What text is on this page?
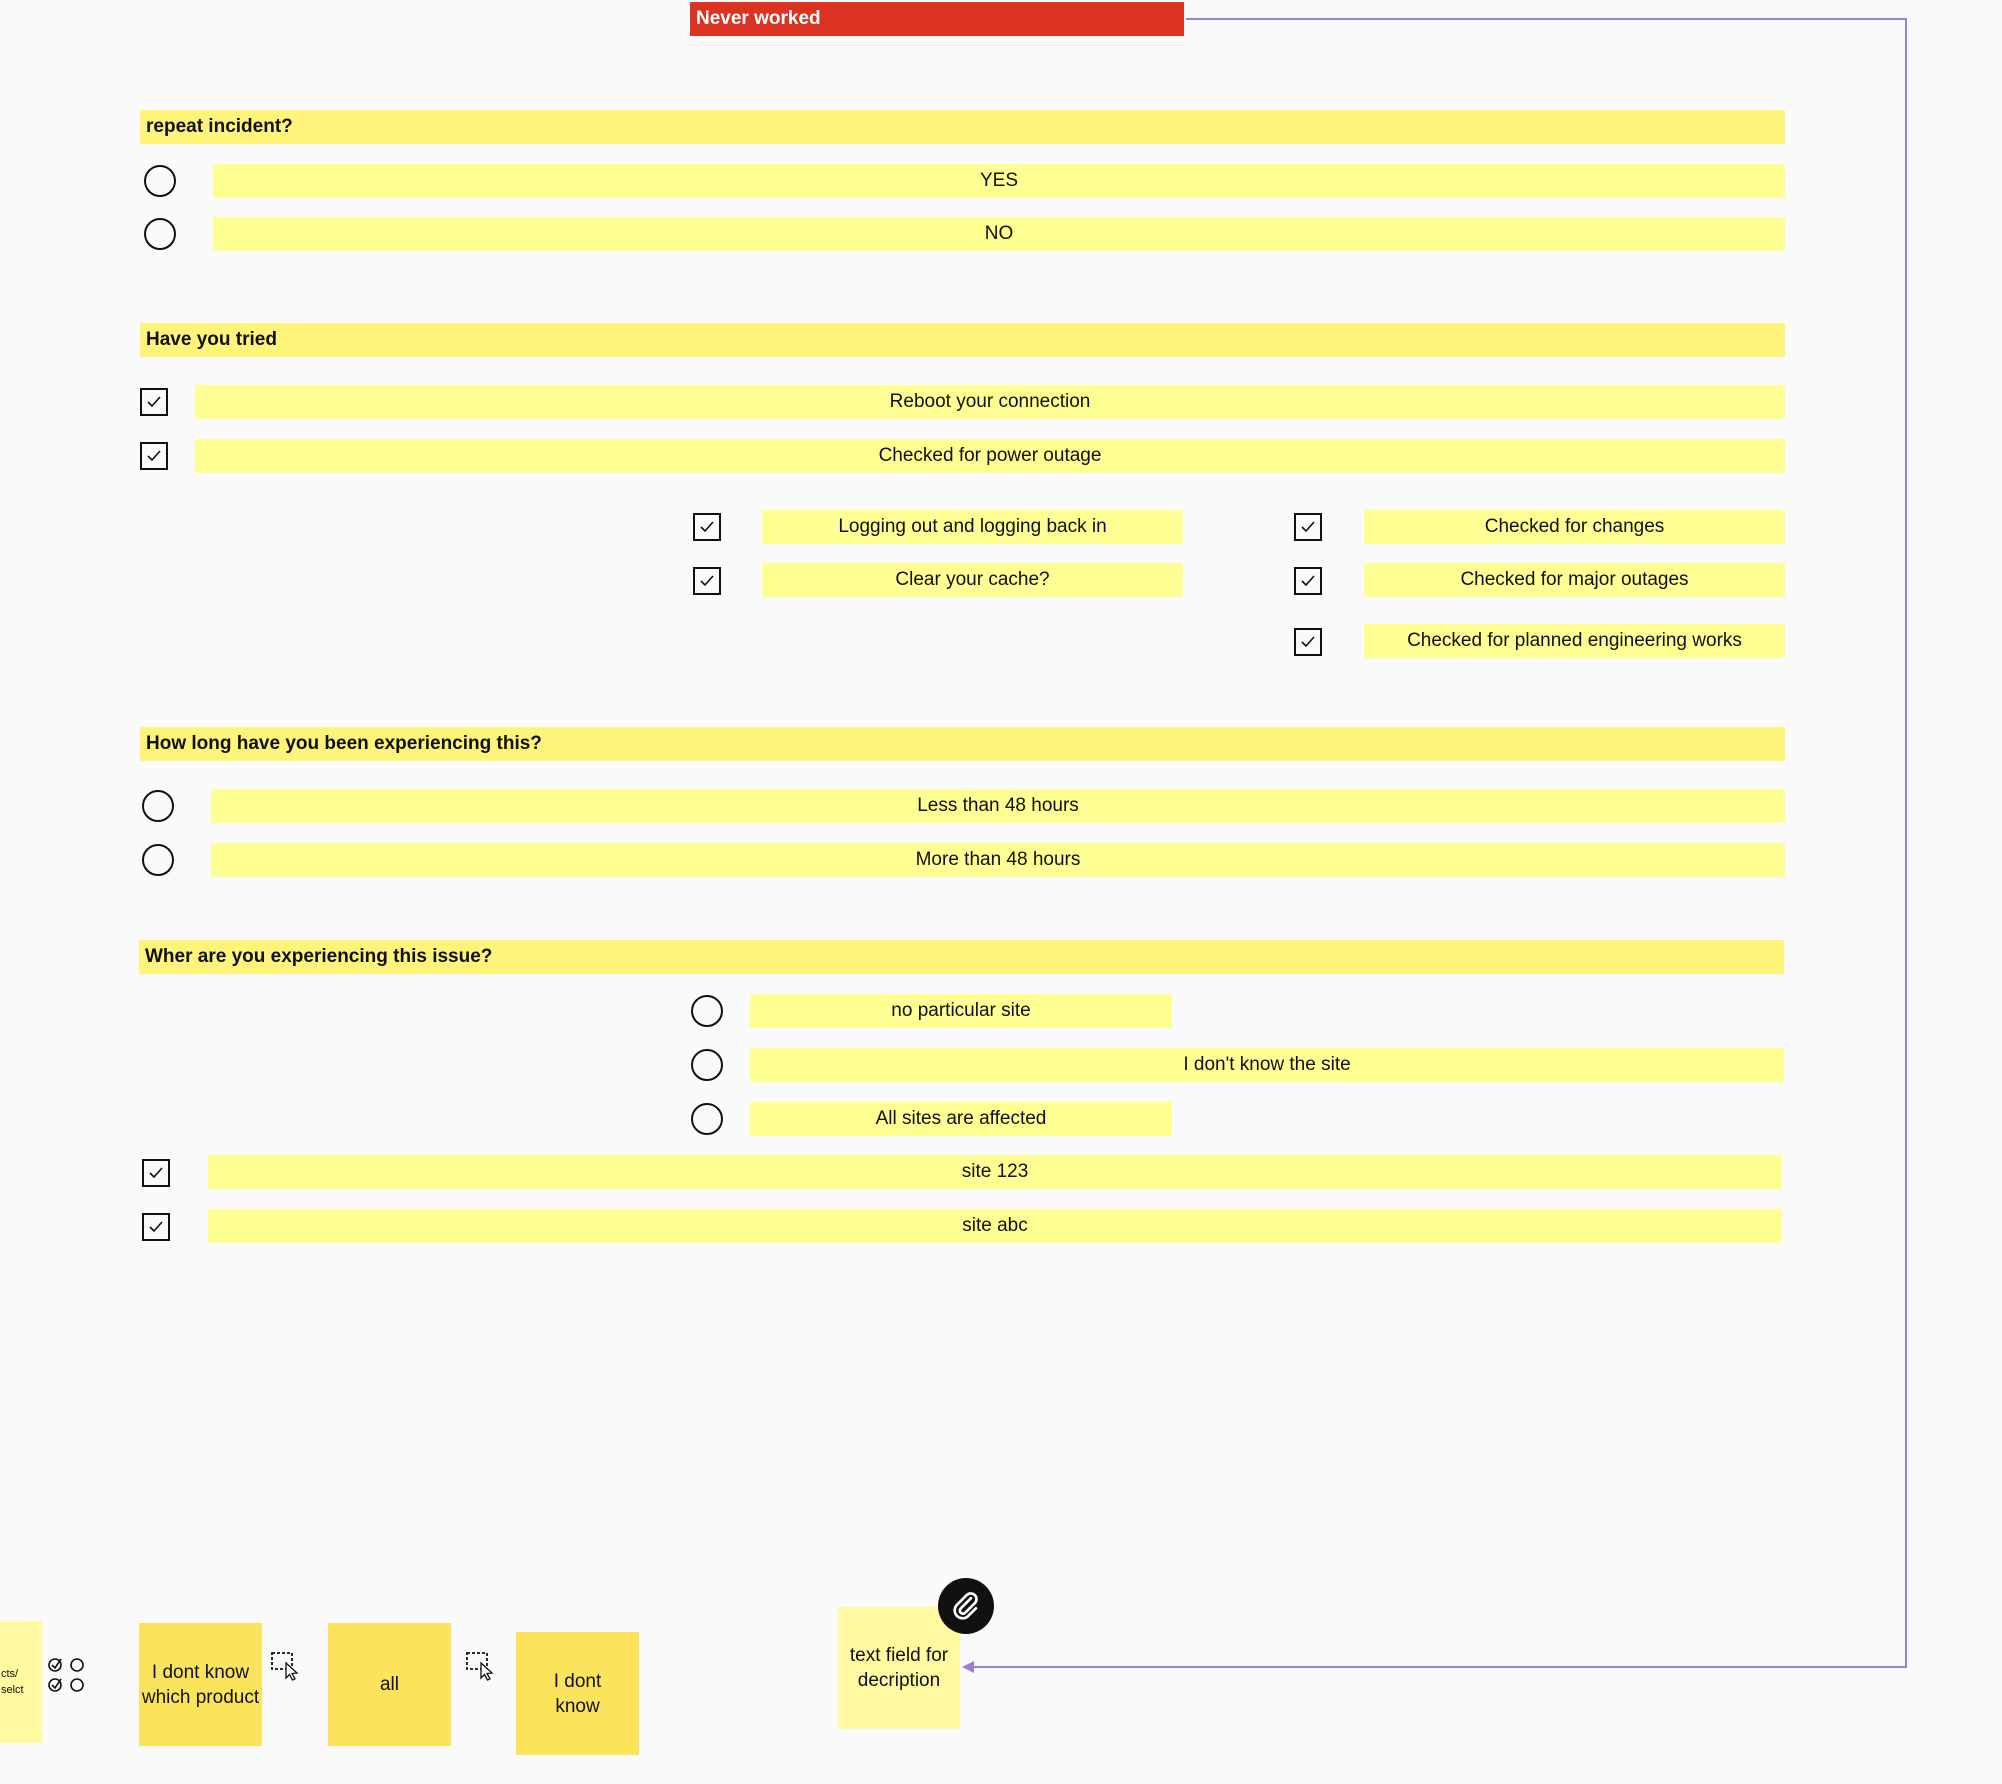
Never worked
repeat incident?
YES
NO
Have you tried
Reboot your connection
Checked for power outage
Logging out and logging back in
Clear your cache?
Checked for changes
Checked for major outages
Checked for planned engineering works
How long have you been experiencing this?
Less than 48 hours
More than 48 hours
Wher are you experiencing this issue?
no particular site
I don't know the site
All sites are affected
site 123
site abc
cts/
selct
I dont know which product
all	I dont know
text field for decription
